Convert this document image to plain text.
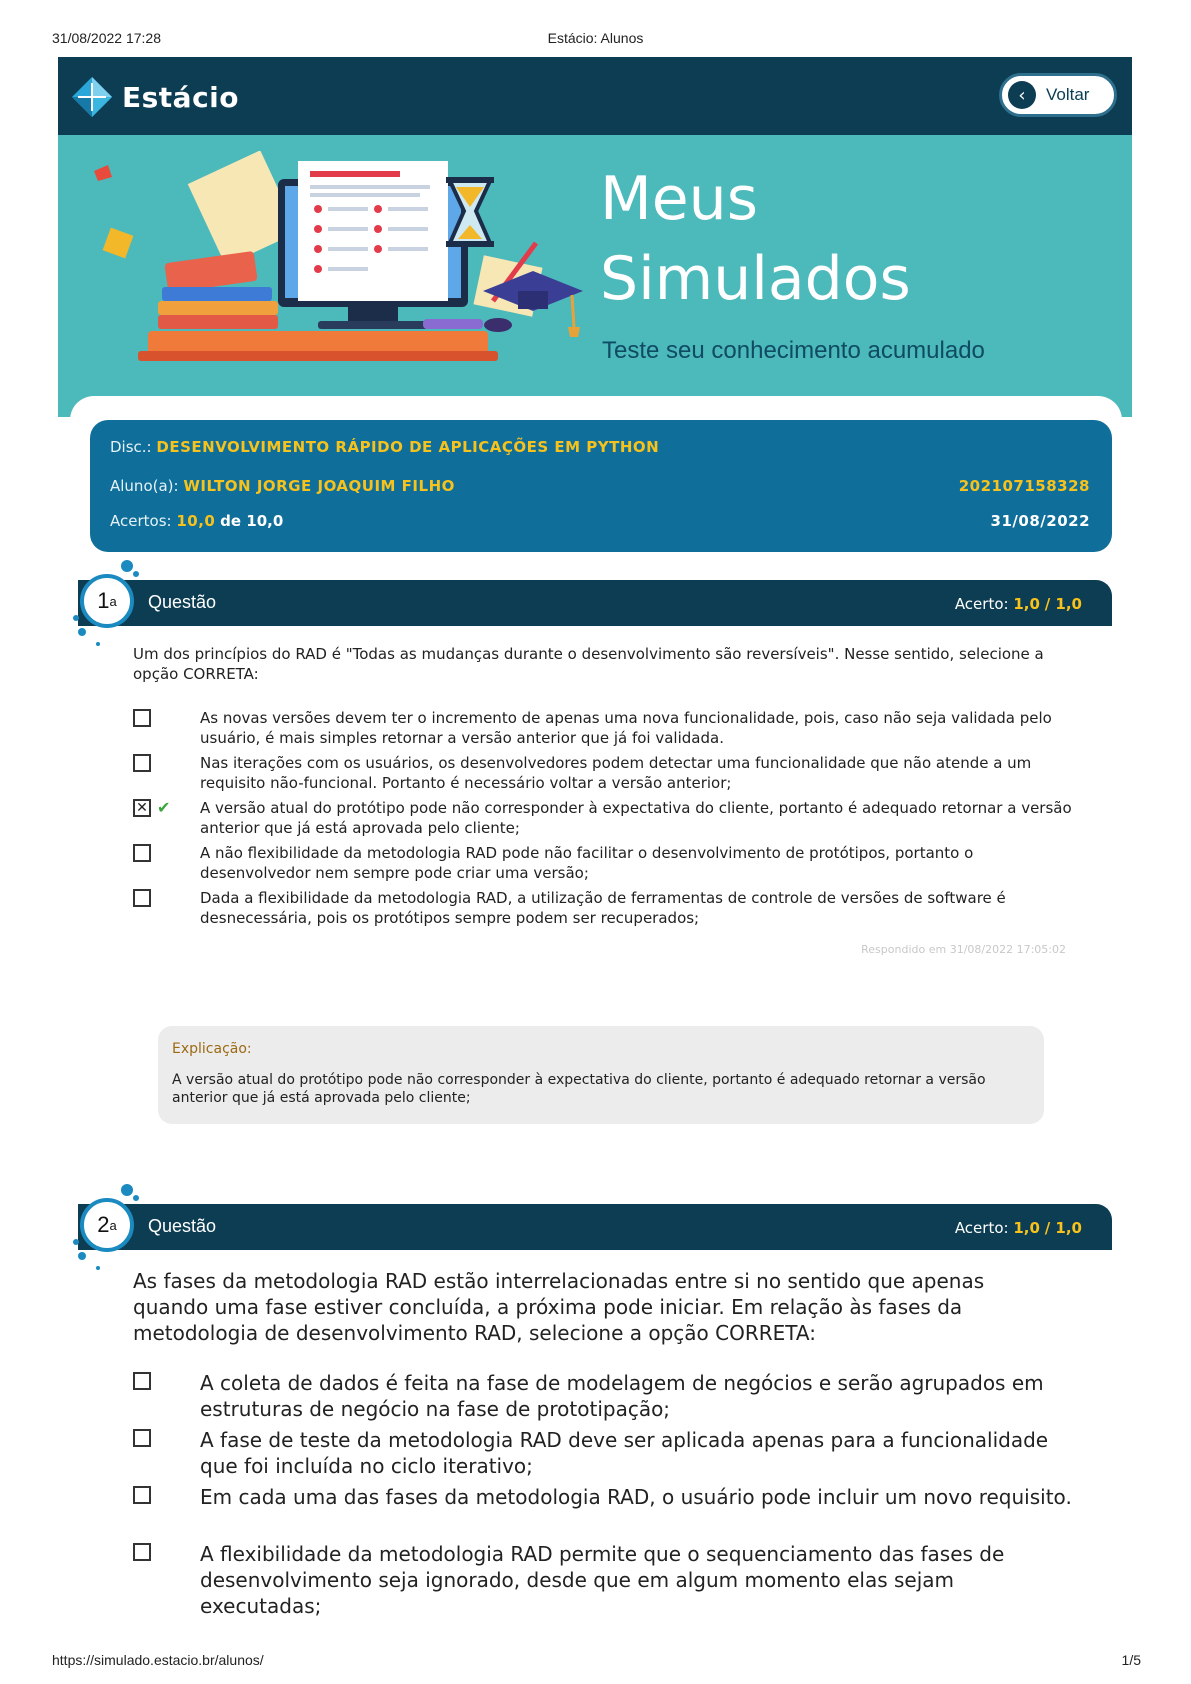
31/08/2022 17:28	Estácio: Alunos
Estácio	‹	Voltar
Meus
Simulados
Teste seu conhecimento acumulado
Disc.: DESENVOLVIMENTO RÁPIDO DE APLICAÇÕES EM PYTHON
Aluno(a): WILTON JORGE JOAQUIM FILHO	202107158328
Acertos: 10,0 de 10,0	31/08/2022
1 a Questão	Acerto: 1,0 / 1,0
Um dos princípios do RAD é "Todas as mudanças durante o desenvolvimento são reversíveis". Nesse sentido, selecione a opção CORRETA:
As novas versões devem ter o incremento de apenas uma nova funcionalidade, pois, caso não seja validada pelo usuário, é mais simples retornar a versão anterior que já foi validada.
Nas iterações com os usuários, os desenvolvedores podem detectar uma funcionalidade que não atende a um requisito não-funcional. Portanto é necessário voltar a versão anterior;
✕ ✔ A versão atual do protótipo pode não corresponder à expectativa do cliente, portanto é adequado retornar a versão anterior que já está aprovada pelo cliente;
A não flexibilidade da metodologia RAD pode não facilitar o desenvolvimento de protótipos, portanto o desenvolvedor nem sempre pode criar uma versão;
Dada a flexibilidade da metodologia RAD, a utilização de ferramentas de controle de versões de software é desnecessária, pois os protótipos sempre podem ser recuperados;
Respondido em 31/08/2022 17:05:02
Explicação:
A versão atual do protótipo pode não corresponder à expectativa do cliente, portanto é adequado retornar a versão anterior que já está aprovada pelo cliente;
2 a Questão	Acerto: 1,0 / 1,0
As fases da metodologia RAD estão interrelacionadas entre si no sentido que apenas quando uma fase estiver concluída, a próxima pode iniciar. Em relação às fases da metodologia de desenvolvimento RAD, selecione a opção CORRETA:
A coleta de dados é feita na fase de modelagem de negócios e serão agrupados em estruturas de negócio na fase de prototipação;
A fase de teste da metodologia RAD deve ser aplicada apenas para a funcionalidade que foi incluída no ciclo iterativo;
Em cada uma das fases da metodologia RAD, o usuário pode incluir um novo requisito.
A flexibilidade da metodologia RAD permite que o sequenciamento das fases de desenvolvimento seja ignorado, desde que em algum momento elas sejam executadas;
https://simulado.estacio.br/alunos/	1/5
